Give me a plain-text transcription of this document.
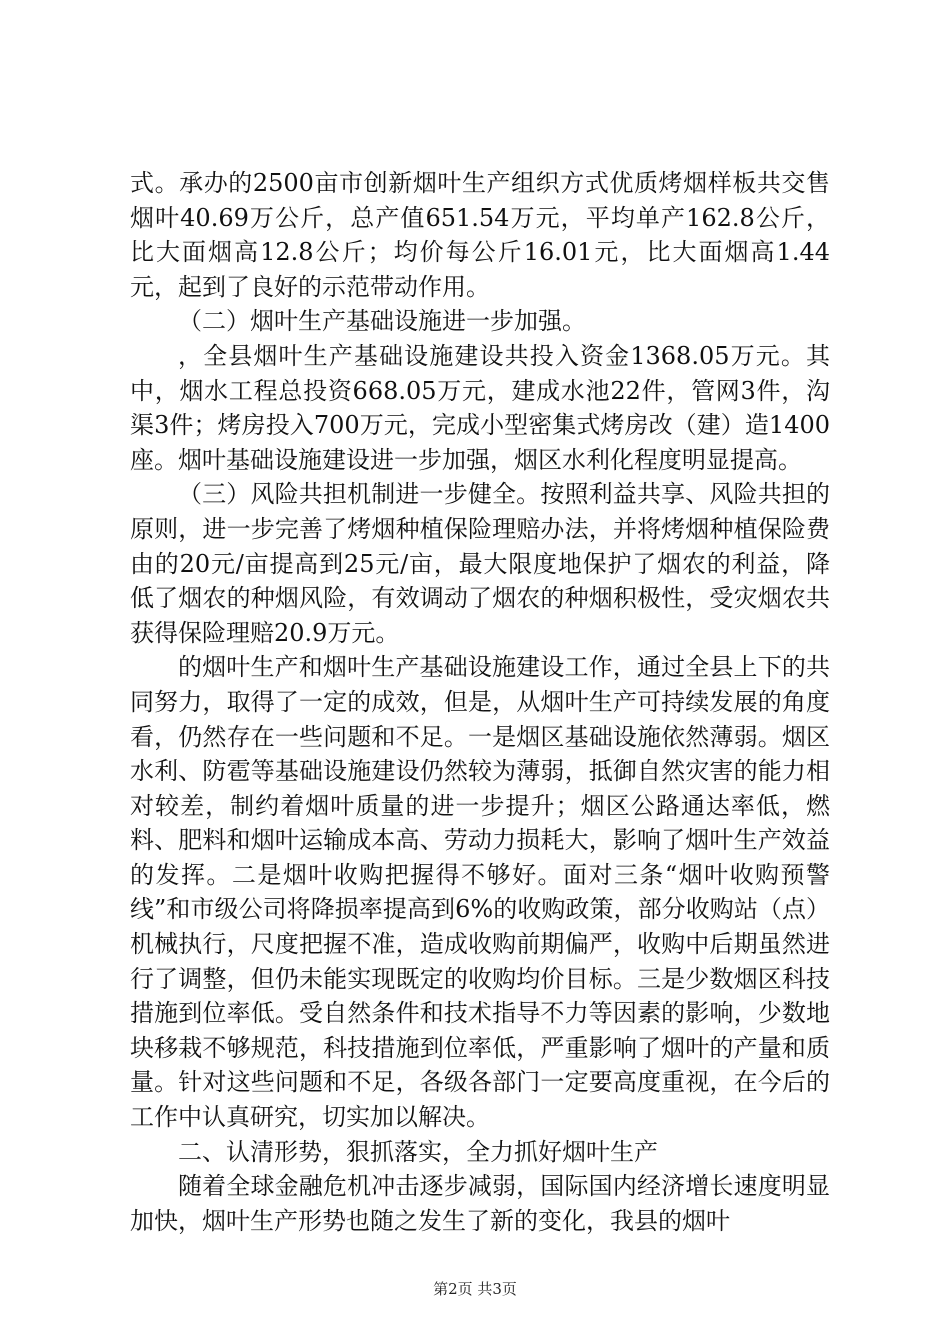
式。承办的2500亩市创新烟叶生产组织方式优质烤烟样板共交售烟叶40.69万公斤，总产值651.54万元，平均单产162.8公斤，比大面烟高12.8公斤；均价每公斤16.01元，比大面烟高1.44元，起到了良好的示范带动作用。

（二）烟叶生产基础设施进一步加强。

，全县烟叶生产基础设施建设共投入资金1368.05万元。其中，烟水工程总投资668.05万元，建成水池22件，管网3件，沟渠3件；烤房投入700万元，完成小型密集式烤房改（建）造1400座。烟叶基础设施建设进一步加强，烟区水利化程度明显提高。

（三）风险共担机制进一步健全。按照利益共享、风险共担的原则，进一步完善了烤烟种植保险理赔办法，并将烤烟种植保险费由的20元/亩提高到25元/亩，最大限度地保护了烟农的利益，降低了烟农的种烟风险，有效调动了烟农的种烟积极性，受灾烟农共获得保险理赔20.9万元。

的烟叶生产和烟叶生产基础设施建设工作，通过全县上下的共同努力，取得了一定的成效，但是，从烟叶生产可持续发展的角度看，仍然存在一些问题和不足。一是烟区基础设施依然薄弱。烟区水利、防雹等基础设施建设仍然较为薄弱，抵御自然灾害的能力相对较差，制约着烟叶质量的进一步提升；烟区公路通达率低，燃料、肥料和烟叶运输成本高、劳动力损耗大，影响了烟叶生产效益的发挥。二是烟叶收购把握得不够好。面对三条“烟叶收购预警线”和市级公司将降损率提高到6%的收购政策，部分收购站（点）机械执行，尺度把握不准，造成收购前期偏严，收购中后期虽然进行了调整，但仍未能实现既定的收购均价目标。三是少数烟区科技措施到位率低。受自然条件和技术指导不力等因素的影响，少数地块移栽不够规范，科技措施到位率低，严重影响了烟叶的产量和质量。针对这些问题和不足，各级各部门一定要高度重视，在今后的工作中认真研究，切实加以解决。

二、认清形势，狠抓落实，全力抓好烟叶生产

随着全球金融危机冲击逐步减弱，国际国内经济增长速度明显加快，烟叶生产形势也随之发生了新的变化，我县的烟叶

第2页 共3页
